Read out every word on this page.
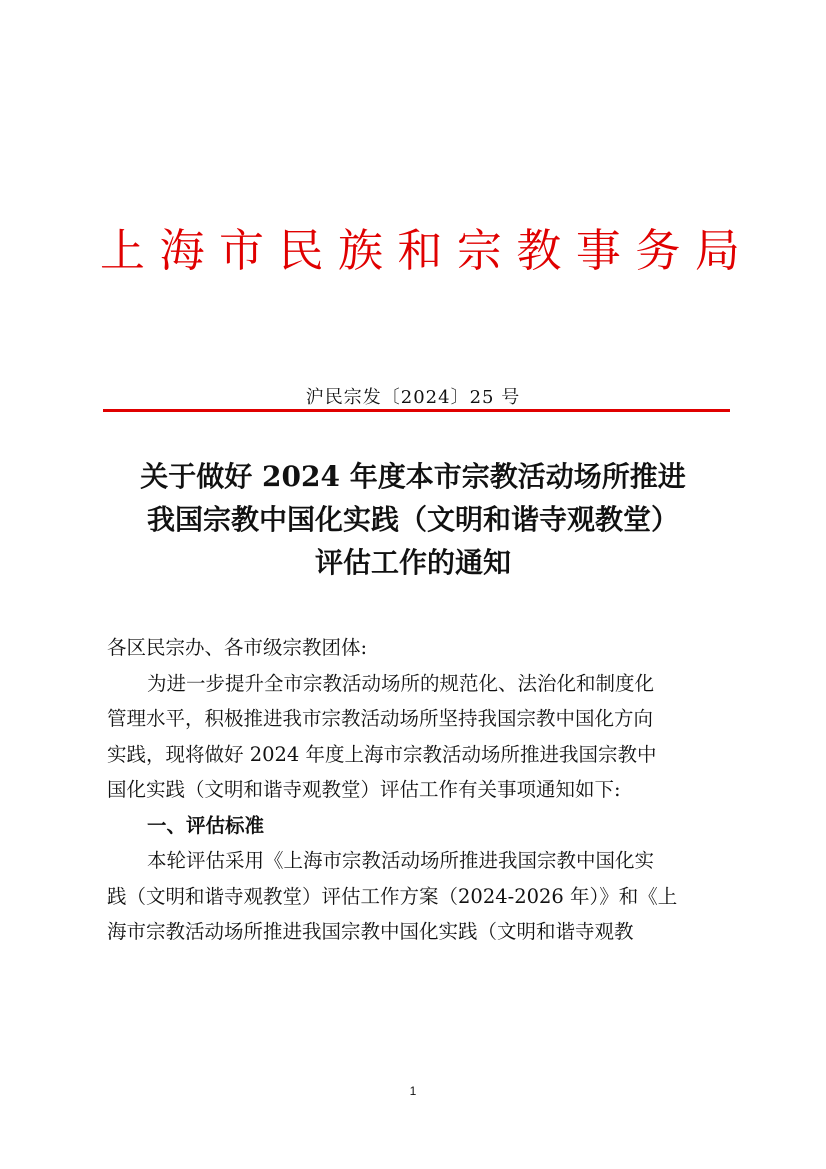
上 海 市 民 族 和 宗 教 事 务 局
沪民宗发〔2024〕25 号
关于做好 2024 年度本市宗教活动场所推进
我国宗教中国化实践（文明和谐寺观教堂）
评估工作的通知

各区民宗办、各市级宗教团体:

为进一步提升全市宗教活动场所的规范化、法治化和制度化

管理水平，积极推进我市宗教活动场所坚持我国宗教中国化方向

实践，现将做好 2024 年度上海市宗教活动场所推进我国宗教中

国化实践（文明和谐寺观教堂）评估工作有关事项通知如下:

一、评估标准

本轮评估采用《上海市宗教活动场所推进我国宗教中国化实

践（文明和谐寺观教堂）评估工作方案（2024-2026 年）》和《上

海市宗教活动场所推进我国宗教中国化实践（文明和谐寺观教

1
